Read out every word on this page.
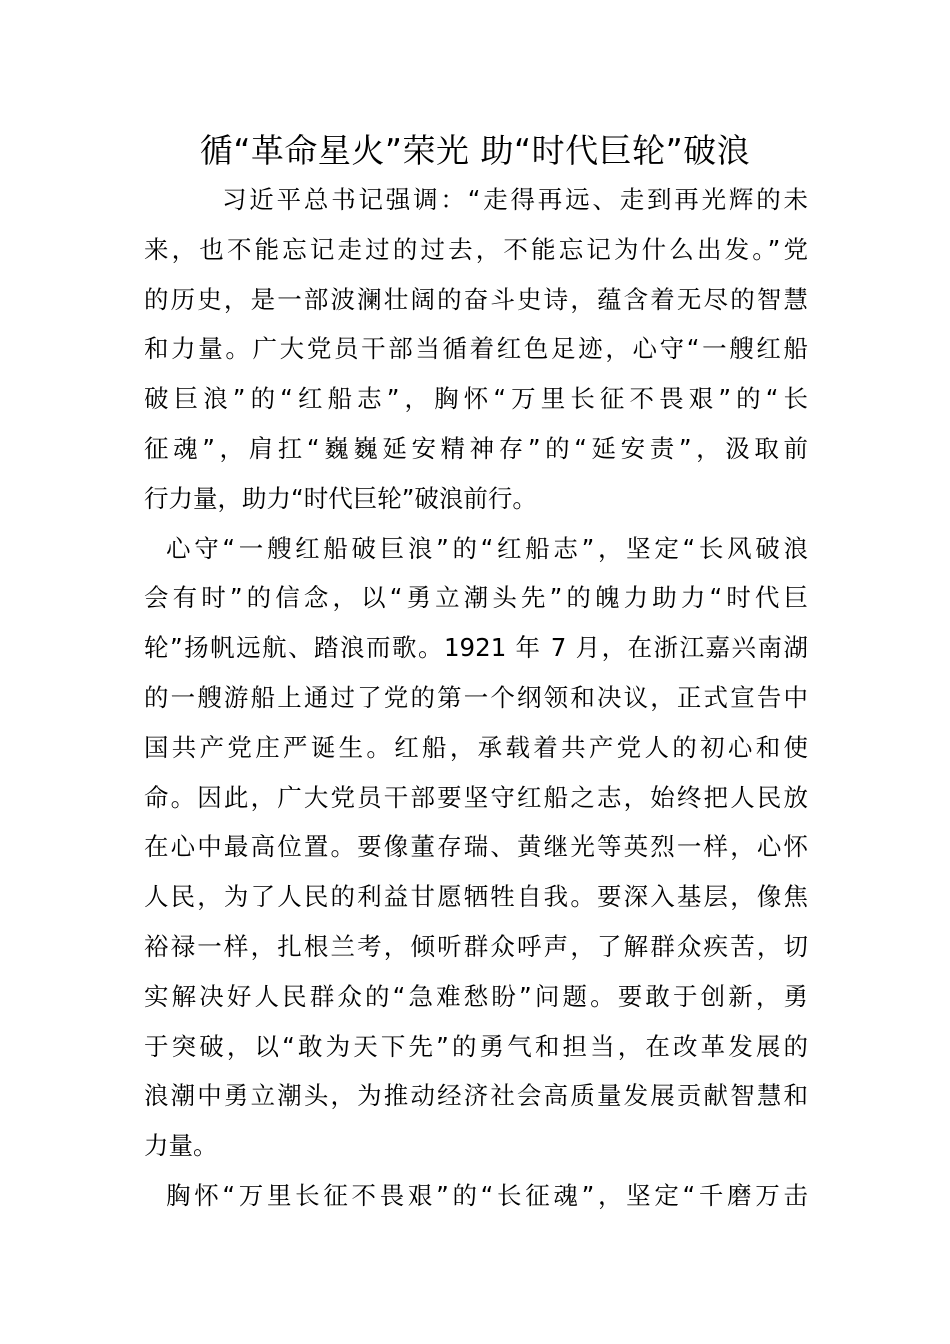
循“革命星火”荣光 助“时代巨轮”破浪
习近平总书记强调：“走得再远、走到再光辉的未
来，也不能忘记走过的过去，不能忘记为什么出发。”党
的历史，是一部波澜壮阔的奋斗史诗，蕴含着无尽的智慧
和力量。广大党员干部当循着红色足迹，心守“一艘红船
破巨浪”的“红船志”，胸怀“万里长征不畏艰”的“长
征魂”，肩扛“巍巍延安精神存”的“延安责”，汲取前
行力量，助力“时代巨轮”破浪前行。
心守“一艘红船破巨浪”的“红船志”，坚定“长风破浪
会有时”的信念，以“勇立潮头先”的魄力助力“时代巨
轮”扬帆远航、踏浪而歌。1921 年 7 月，在浙江嘉兴南湖
的一艘游船上通过了党的第一个纲领和决议，正式宣告中
国共产党庄严诞生。红船，承载着共产党人的初心和使
命。因此，广大党员干部要坚守红船之志，始终把人民放
在心中最高位置。要像董存瑞、黄继光等英烈一样，心怀
人民，为了人民的利益甘愿牺牲自我。要深入基层，像焦
裕禄一样，扎根兰考，倾听群众呼声，了解群众疾苦，切
实解决好人民群众的“急难愁盼”问题。要敢于创新，勇
于突破，以“敢为天下先”的勇气和担当，在改革发展的
浪潮中勇立潮头，为推动经济社会高质量发展贡献智慧和
力量。
胸怀“万里长征不畏艰”的“长征魂”，坚定“千磨万击
